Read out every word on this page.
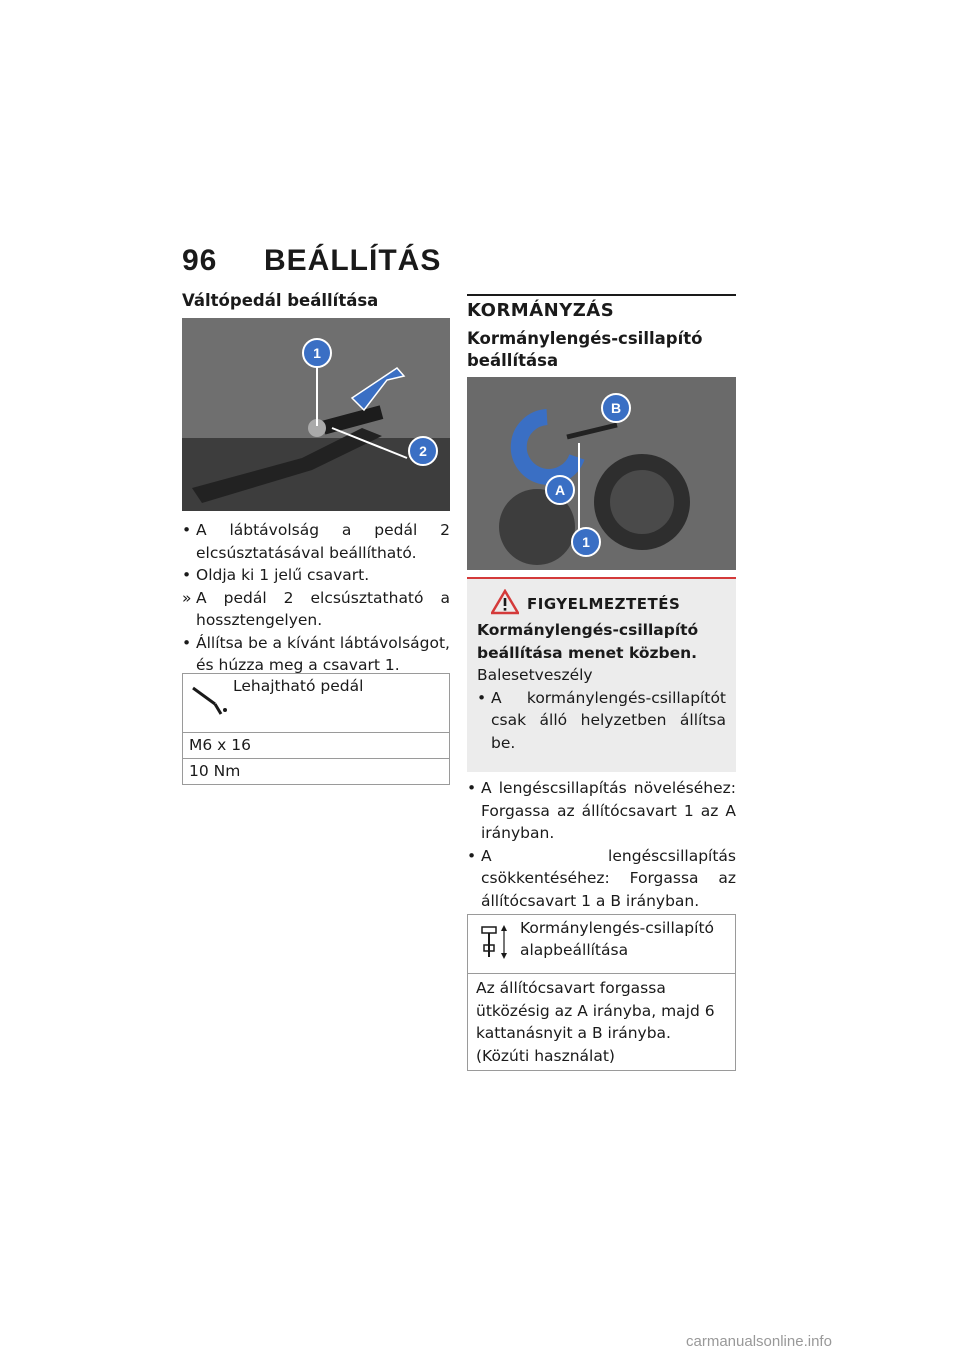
96 BEÁLLÍTÁS
Váltópedál beállítása
1
2
• A lábtávolság a pedál 2 elcsúsztatásával beállítható.
• Oldja ki 1 jelű csavart.
» A pedál 2 elcsúsztatható a hossztengelyen.
• Állítsa be a kívánt lábtávolságot, és húzza meg a csavart 1.
Lehajtható pedál
M6 x 16
10 Nm
KORMÁNYZÁS
Kormánylengés-csillapító beállítása
B
A
1
FIGYELMEZTETÉS
Kormánylengés-csillapító beállítása menet közben.
Balesetveszély
• A kormánylengés-csillapítót csak álló helyzetben állítsa be.
• A lengéscsillapítás növeléséhez: Forgassa az állítócsavart 1 az A irányban.
• A lengéscsillapítás csökkentéséhez: Forgassa az állítócsavart 1 a B irányban.
Kormánylengés-csillapító alapbeállítása
Az állítócsavart forgassa ütközésig az A irányba, majd 6 kattanásnyit a B irányba. (Közúti használat)
carmanualsonline.info
